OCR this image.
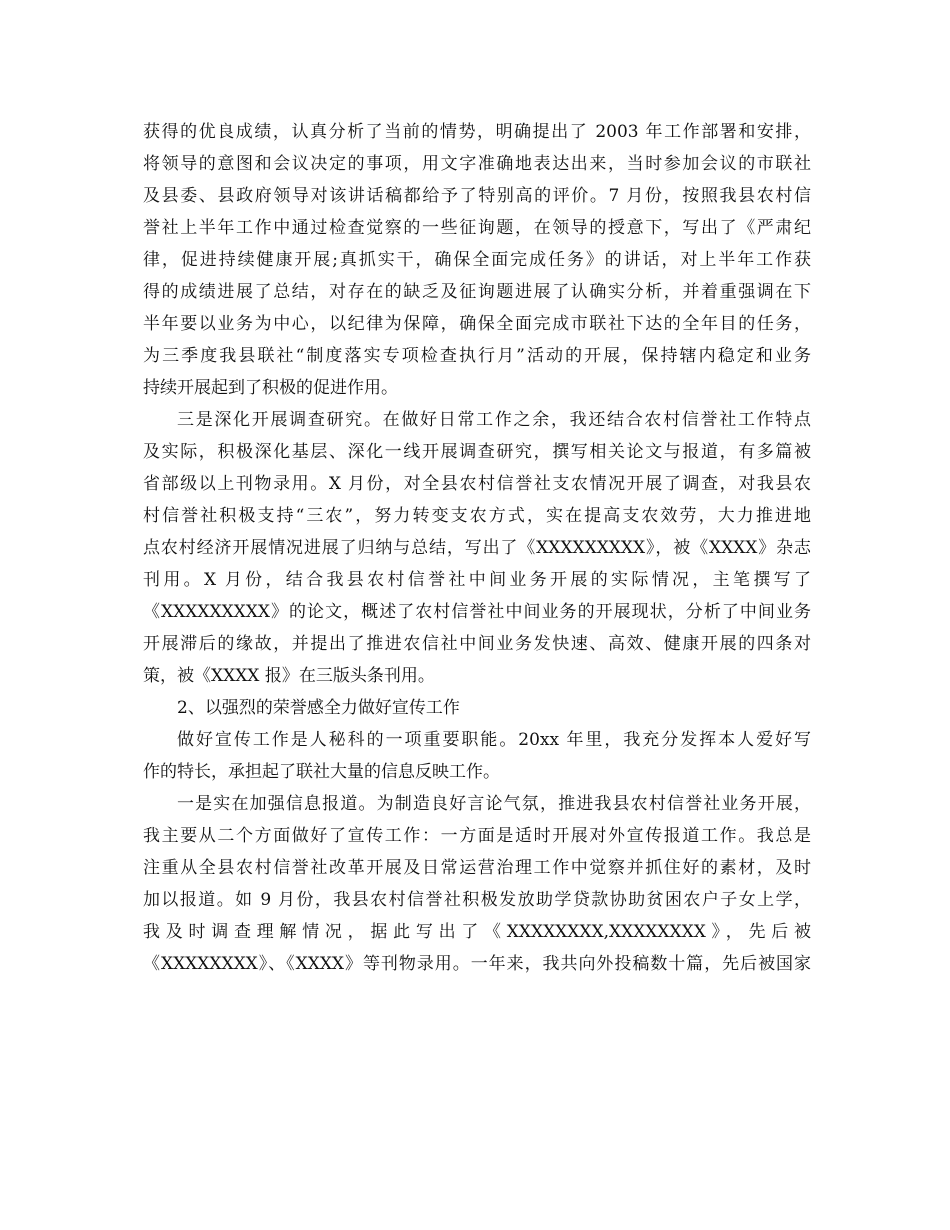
获得的优良成绩，认真分析了当前的情势，明确提出了 2003 年工作部署和安排，
将领导的意图和会议决定的事项，用文字准确地表达出来，当时参加会议的市联社
及县委、县政府领导对该讲话稿都给予了特别高的评价。7 月份，按照我县农村信
誉社上半年工作中通过检查觉察的一些征询题，在领导的授意下，写出了《严肃纪
律，促进持续健康开展;真抓实干，确保全面完成任务》的讲话，对上半年工作获
得的成绩进展了总结，对存在的缺乏及征询题进展了认确实分析，并着重强调在下
半年要以业务为中心，以纪律为保障，确保全面完成市联社下达的全年目的任务，
为三季度我县联社“制度落实专项检查执行月”活动的开展，保持辖内稳定和业务
持续开展起到了积极的促进作用。
三是深化开展调查研究。在做好日常工作之余，我还结合农村信誉社工作特点
及实际，积极深化基层、深化一线开展调查研究，撰写相关论文与报道，有多篇被
省部级以上刊物录用。X 月份，对全县农村信誉社支农情况开展了调查，对我县农
村信誉社积极支持“三农”，努力转变支农方式，实在提高支农效劳，大力推进地
点农村经济开展情况进展了归纳与总结，写出了《XXXXXXXXX》，被《XXXX》杂志
刊用。X 月份，结合我县农村信誉社中间业务开展的实际情况，主笔撰写了
《XXXXXXXXX》的论文，概述了农村信誉社中间业务的开展现状，分析了中间业务
开展滞后的缘故，并提出了推进农信社中间业务发快速、高效、健康开展的四条对
策，被《XXXX 报》在三版头条刊用。
2、以强烈的荣誉感全力做好宣传工作
做好宣传工作是人秘科的一项重要职能。20xx 年里，我充分发挥本人爱好写
作的特长，承担起了联社大量的信息反映工作。
一是实在加强信息报道。为制造良好言论气氛，推进我县农村信誉社业务开展，
我主要从二个方面做好了宣传工作：一方面是适时开展对外宣传报道工作。我总是
注重从全县农村信誉社改革开展及日常运营治理工作中觉察并抓住好的素材，及时
加以报道。如 9 月份，我县农村信誉社积极发放助学贷款协助贫困农户子女上学，
我及时调查理解情况，据此写出了《XXXXXXXX,XXXXXXXX》，先后被
《XXXXXXXX》、《XXXX》等刊物录用。一年来，我共向外投稿数十篇，先后被国家
